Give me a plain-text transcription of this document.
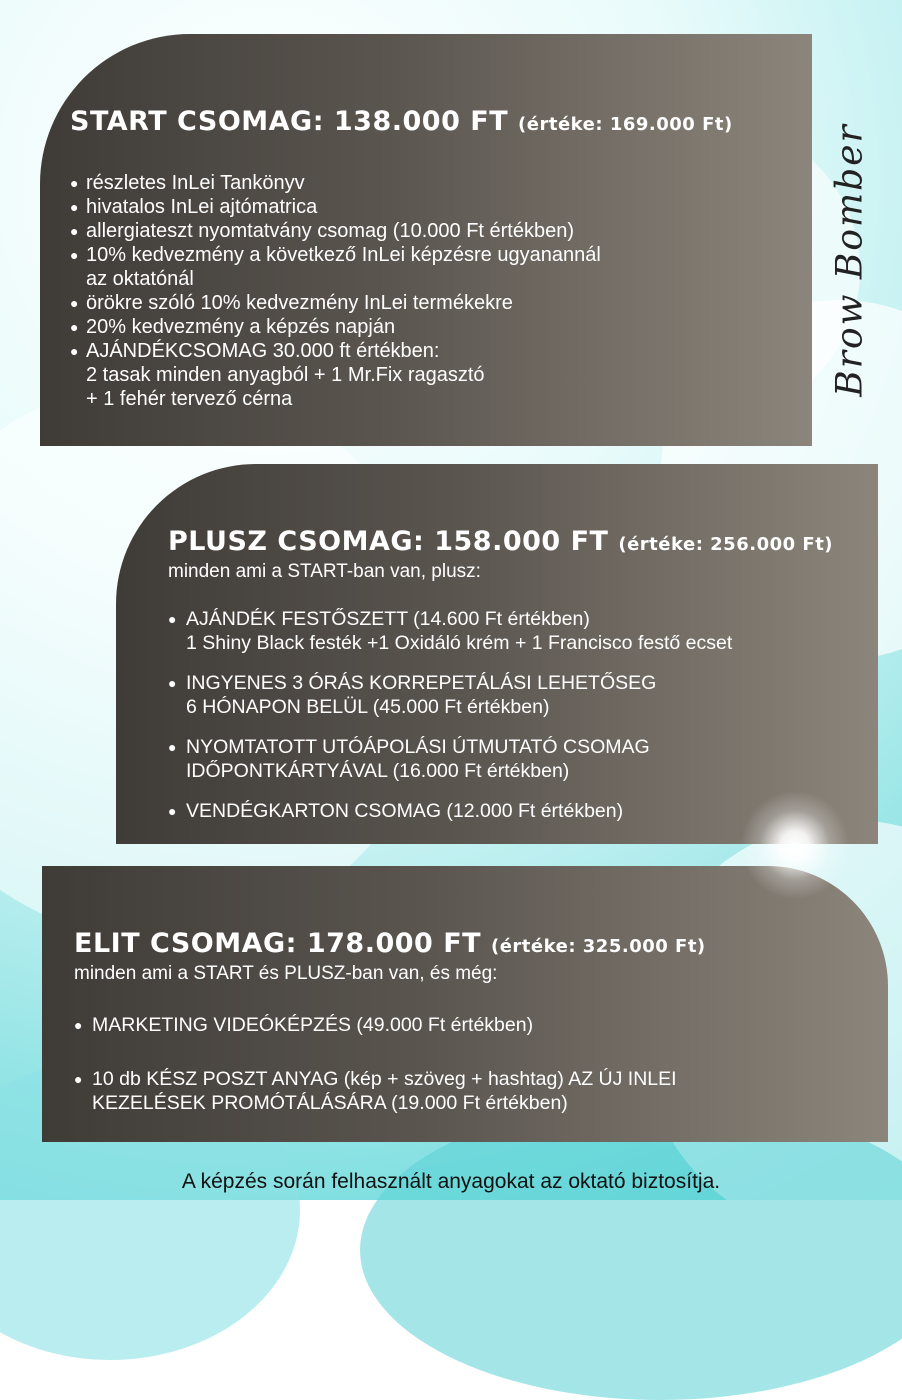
START CSOMAG: 138.000 FT (értéke: 169.000 Ft)
● részletes InLei Tankönyv
● hivatalos InLei ajtómatrica
● allergiateszt nyomtatvány csomag (10.000 Ft értékben)
● 10% kedvezmény a következő InLei képzésre ugyanannál
az oktatónál
● örökre szóló 10% kedvezmény InLei termékekre
● 20% kedvezmény a képzés napján
● AJÁNDÉKCSOMAG 30.000 ft értékben:
2 tasak minden anyagból + 1 Mr.Fix ragasztó
+ 1 fehér tervező cérna
Brow Bomber
PLUSZ CSOMAG: 158.000 FT (értéke: 256.000 Ft)
minden ami a START-ban van, plusz:
● AJÁNDÉK FESTŐSZETT (14.600 Ft értékben)
1 Shiny Black festék +1 Oxidáló krém + 1 Francisco festő ecset
● INGYENES 3 ÓRÁS KORREPETÁLÁSI LEHETŐSEG
6 HÓNAPON BELÜL (45.000 Ft értékben)
● NYOMTATOTT UTÓÁPOLÁSI ÚTMUTATÓ CSOMAG
IDŐPONTKÁRTYÁVAL (16.000 Ft értékben)
● VENDÉGKARTON CSOMAG (12.000 Ft értékben)
ELIT CSOMAG: 178.000 FT (értéke: 325.000 Ft)
minden ami a START és PLUSZ-ban van, és még:
● MARKETING VIDEÓKÉPZÉS (49.000 Ft értékben)
● 10 db KÉSZ POSZT ANYAG (kép + szöveg + hashtag) AZ ÚJ INLEI
KEZELÉSEK PROMÓTÁLÁSÁRA (19.000 Ft értékben)
A képzés során felhasznált anyagokat az oktató biztosítja.
